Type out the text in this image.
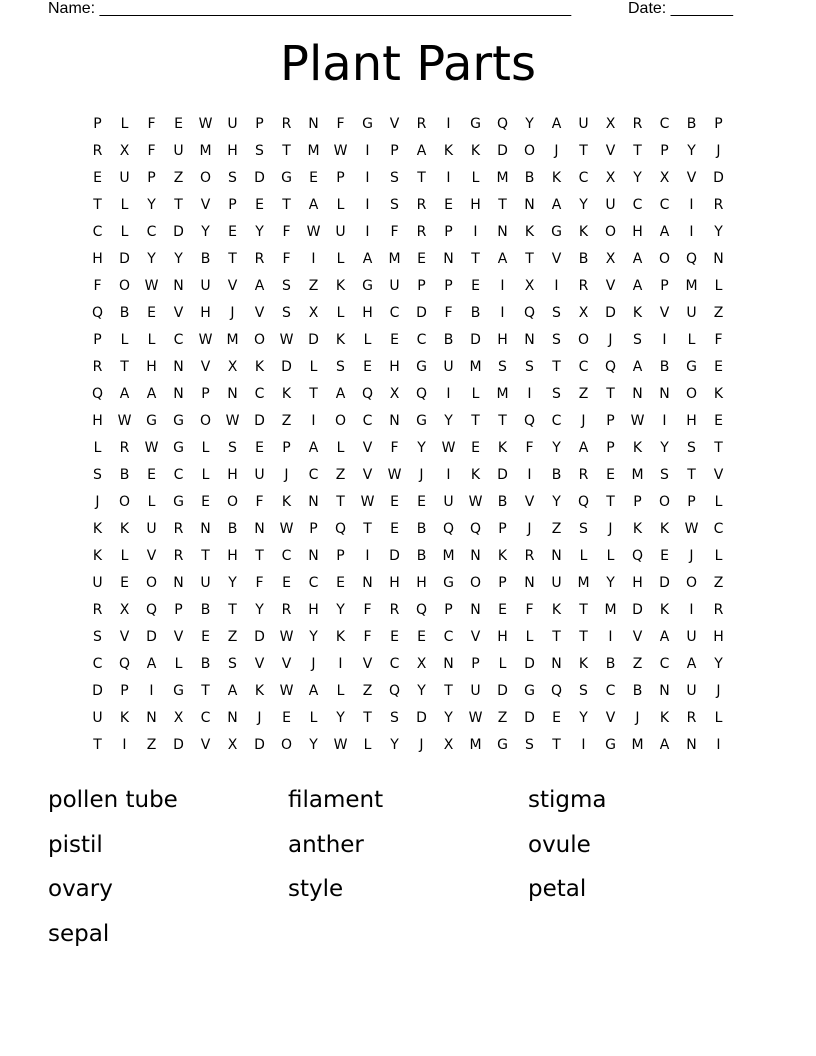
Name: _____________________________________________________	Date: _______
Plant Parts
P	L	F	E	W	U	P	R	N	F	G	V	R	I	G	Q	Y	A	U	X	R	C	B	P
R	X	F	U	M	H	S	T	M	W	I	P	A	K	K	D	O	J	T	V	T	P	Y	J
E	U	P	Z	O	S	D	G	E	P	I	S	T	I	L	M	B	K	C	X	Y	X	V	D
T	L	Y	T	V	P	E	T	A	L	I	S	R	E	H	T	N	A	Y	U	C	C	I	R
C	L	C	D	Y	E	Y	F	W	U	I	F	R	P	I	N	K	G	K	O	H	A	I	Y
H	D	Y	Y	B	T	R	F	I	L	A	M	E	N	T	A	T	V	B	X	A	O	Q	N
F	O	W	N	U	V	A	S	Z	K	G	U	P	P	E	I	X	I	R	V	A	P	M	L
Q	B	E	V	H	J	V	S	X	L	H	C	D	F	B	I	Q	S	X	D	K	V	U	Z
P	L	L	C	W	M	O	W	D	K	L	E	C	B	D	H	N	S	O	J	S	I	L	F
R	T	H	N	V	X	K	D	L	S	E	H	G	U	M	S	S	T	C	Q	A	B	G	E
Q	A	A	N	P	N	C	K	T	A	Q	X	Q	I	L	M	I	S	Z	T	N	N	O	K
H	W	G	G	O	W	D	Z	I	O	C	N	G	Y	T	T	Q	C	J	P	W	I	H	E
L	R	W	G	L	S	E	P	A	L	V	F	Y	W	E	K	F	Y	A	P	K	Y	S	T
S	B	E	C	L	H	U	J	C	Z	V	W	J	I	K	D	I	B	R	E	M	S	T	V
J	O	L	G	E	O	F	K	N	T	W	E	E	U	W	B	V	Y	Q	T	P	O	P	L
K	K	U	R	N	B	N	W	P	Q	T	E	B	Q	Q	P	J	Z	S	J	K	K	W	C
K	L	V	R	T	H	T	C	N	P	I	D	B	M	N	K	R	N	L	L	Q	E	J	L
U	E	O	N	U	Y	F	E	C	E	N	H	H	G	O	P	N	U	M	Y	H	D	O	Z
R	X	Q	P	B	T	Y	R	H	Y	F	R	Q	P	N	E	F	K	T	M	D	K	I	R
S	V	D	V	E	Z	D	W	Y	K	F	E	E	C	V	H	L	T	T	I	V	A	U	H
C	Q	A	L	B	S	V	V	J	I	V	C	X	N	P	L	D	N	K	B	Z	C	A	Y
D	P	I	G	T	A	K	W	A	L	Z	Q	Y	T	U	D	G	Q	S	C	B	N	U	J
U	K	N	X	C	N	J	E	L	Y	T	S	D	Y	W	Z	D	E	Y	V	J	K	R	L
T	I	Z	D	V	X	D	O	Y	W	L	Y	J	X	M	G	S	T	I	G	M	A	N	I
pollen tube	filament	stigma
pistil	anther	ovule
ovary	style	petal
sepal
